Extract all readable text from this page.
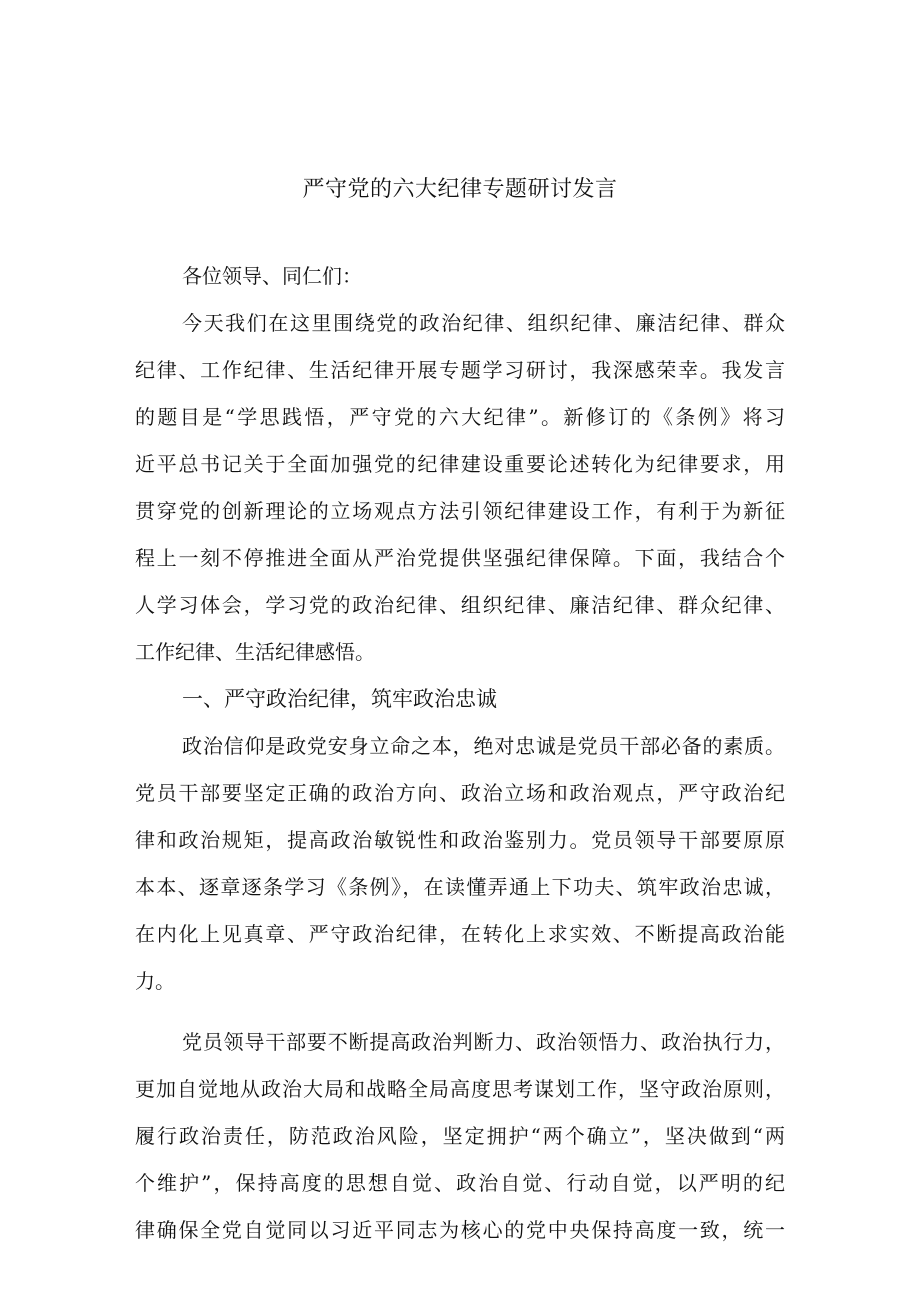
严守党的六大纪律专题研讨发言
各位领导、同仁们：
今天我们在这里围绕党的政治纪律、组织纪律、廉洁纪律、群众
纪律、工作纪律、生活纪律开展专题学习研讨，我深感荣幸。我发言
的题目是“学思践悟，严守党的六大纪律”。新修订的《条例》将习
近平总书记关于全面加强党的纪律建设重要论述转化为纪律要求，用
贯穿党的创新理论的立场观点方法引领纪律建设工作，有利于为新征
程上一刻不停推进全面从严治党提供坚强纪律保障。下面，我结合个
人学习体会，学习党的政治纪律、组织纪律、廉洁纪律、群众纪律、
工作纪律、生活纪律感悟。
一、严守政治纪律，筑牢政治忠诚
政治信仰是政党安身立命之本，绝对忠诚是党员干部必备的素质。
党员干部要坚定正确的政治方向、政治立场和政治观点，严守政治纪
律和政治规矩，提高政治敏锐性和政治鉴别力。党员领导干部要原原
本本、逐章逐条学习《条例》，在读懂弄通上下功夫、筑牢政治忠诚，
在内化上见真章、严守政治纪律，在转化上求实效、不断提高政治能
力。
党员领导干部要不断提高政治判断力、政治领悟力、政治执行力，
更加自觉地从政治大局和战略全局高度思考谋划工作，坚守政治原则，
履行政治责任，防范政治风险，坚定拥护“两个确立”，坚决做到“两
个维护”，保持高度的思想自觉、政治自觉、行动自觉，以严明的纪
律确保全党自觉同以习近平同志为核心的党中央保持高度一致，统一
